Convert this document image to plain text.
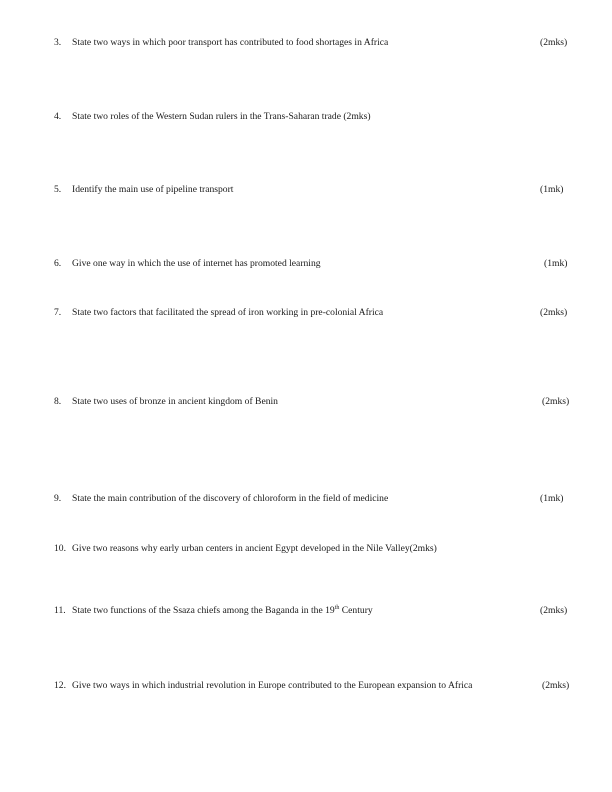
3. State two ways in which poor transport has contributed to food shortages in Africa	(2mks)
4. State two roles of the Western Sudan rulers in the Trans-Saharan trade (2mks)
5. Identify the main use of pipeline transport	(1mk)
6. Give one way in which the use of internet has promoted learning	(1mk)
7. State two factors that facilitated the spread of iron working in pre-colonial Africa	(2mks)
8. State two uses of bronze in ancient kingdom of Benin	(2mks)
9. State the main contribution of the discovery of chloroform in the field of medicine	(1mk)
10. Give two reasons why early urban centers in ancient Egypt developed in the Nile Valley(2mks)
11. State two functions of the Ssaza chiefs among the Baganda in the 19th Century	(2mks)
12. Give two ways in which industrial revolution in Europe contributed to the European expansion to Africa	(2mks)
